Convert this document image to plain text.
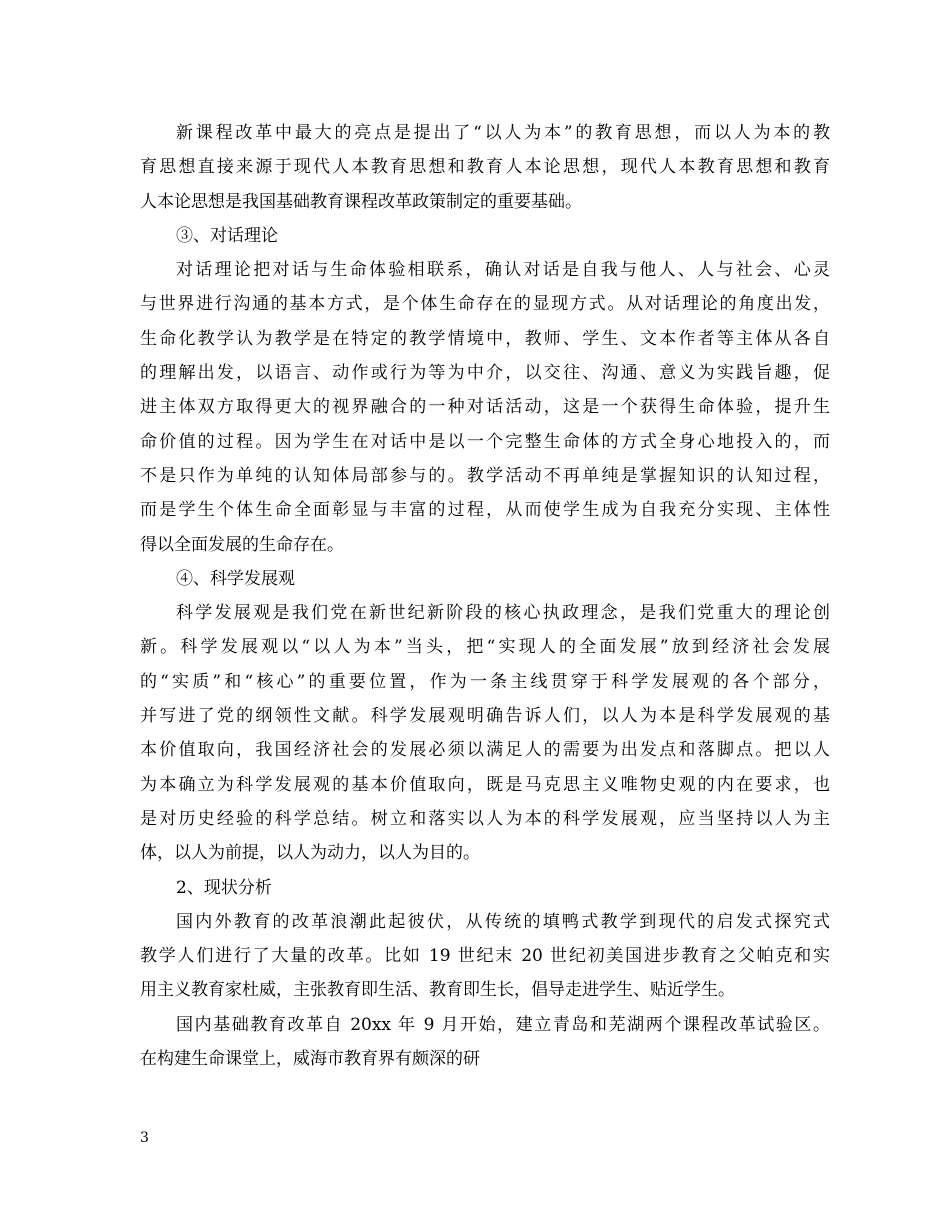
新课程改革中最大的亮点是提出了“以人为本”的教育思想，而以人为本的教
育思想直接来源于现代人本教育思想和教育人本论思想，现代人本教育思想和教育
人本论思想是我国基础教育课程改革政策制定的重要基础。
③、对话理论
对话理论把对话与生命体验相联系，确认对话是自我与他人、人与社会、心灵
与世界进行沟通的基本方式，是个体生命存在的显现方式。从对话理论的角度出发，
生命化教学认为教学是在特定的教学情境中，教师、学生、文本作者等主体从各自
的理解出发，以语言、动作或行为等为中介，以交往、沟通、意义为实践旨趣，促
进主体双方取得更大的视界融合的一种对话活动，这是一个获得生命体验，提升生
命价值的过程。因为学生在对话中是以一个完整生命体的方式全身心地投入的，而
不是只作为单纯的认知体局部参与的。教学活动不再单纯是掌握知识的认知过程，
而是学生个体生命全面彰显与丰富的过程，从而使学生成为自我充分实现、主体性
得以全面发展的生命存在。
④、科学发展观
科学发展观是我们党在新世纪新阶段的核心执政理念，是我们党重大的理论创
新。科学发展观以“以人为本”当头，把“实现人的全面发展”放到经济社会发展
的“实质”和“核心”的重要位置，作为一条主线贯穿于科学发展观的各个部分，
并写进了党的纲领性文献。科学发展观明确告诉人们，以人为本是科学发展观的基
本价值取向，我国经济社会的发展必须以满足人的需要为出发点和落脚点。把以人
为本确立为科学发展观的基本价值取向，既是马克思主义唯物史观的内在要求，也
是对历史经验的科学总结。树立和落实以人为本的科学发展观，应当坚持以人为主
体，以人为前提，以人为动力，以人为目的。
2、现状分析
国内外教育的改革浪潮此起彼伏，从传统的填鸭式教学到现代的启发式探究式
教学人们进行了大量的改革。比如 19 世纪末 20 世纪初美国进步教育之父帕克和实
用主义教育家杜威，主张教育即生活、教育即生长，倡导走进学生、贴近学生。
国内基础教育改革自 20xx 年 9 月开始，建立青岛和芜湖两个课程改革试验区。
在构建生命课堂上，威海市教育界有颇深的研
3
